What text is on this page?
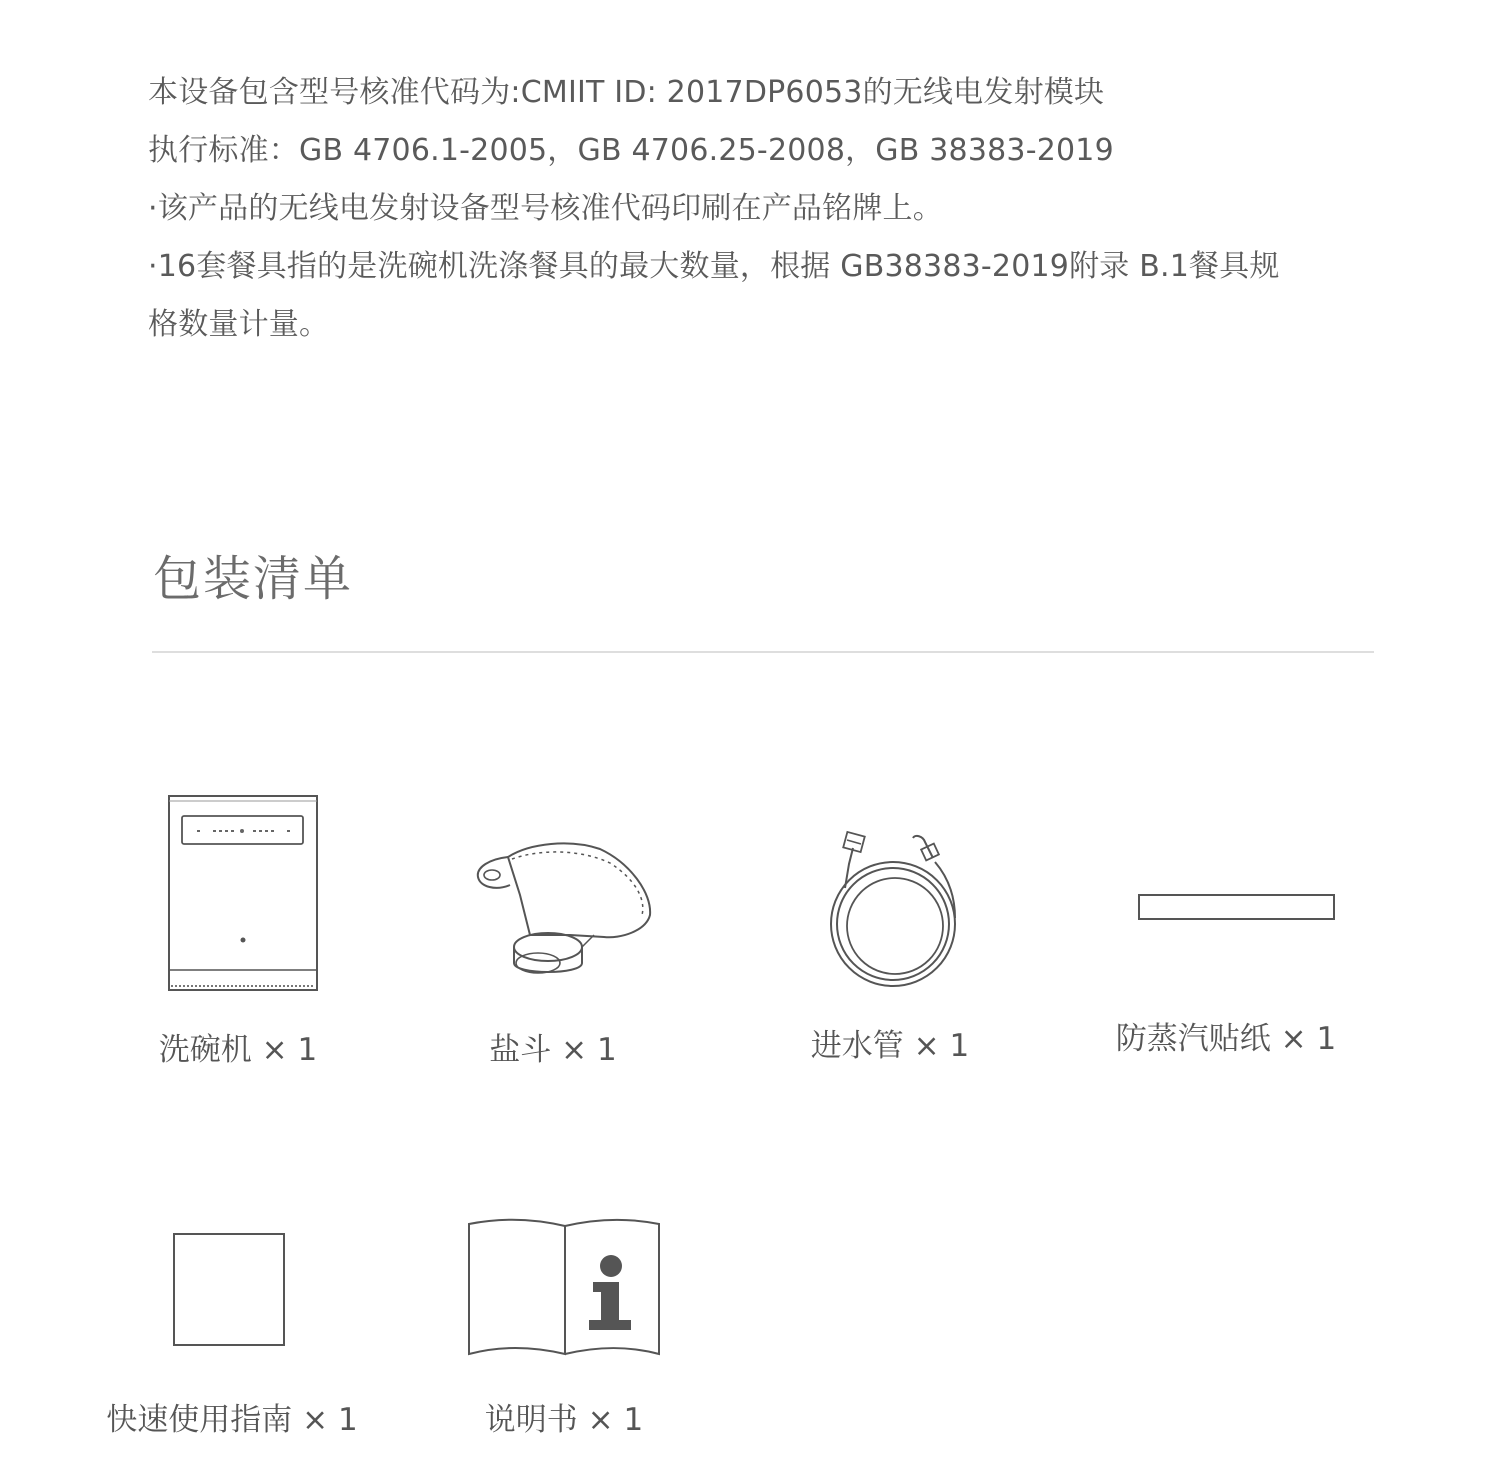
本设备包含型号核准代码为:CMIIT ID: 2017DP6053的无线电发射模块

执行标准：GB 4706.1-2005，GB 4706.25-2008，GB 38383-2019

·该产品的无线电发射设备型号核准代码印刷在产品铭牌上。

·16套餐具指的是洗碗机洗涤餐具的最大数量，根据 GB38383-2019附录 B.1餐具规

格数量计量。

包装清单
洗碗机 × 1	盐斗 × 1	进水管 × 1	防蒸汽贴纸 × 1
快速使用指南 × 1	说明书 × 1
